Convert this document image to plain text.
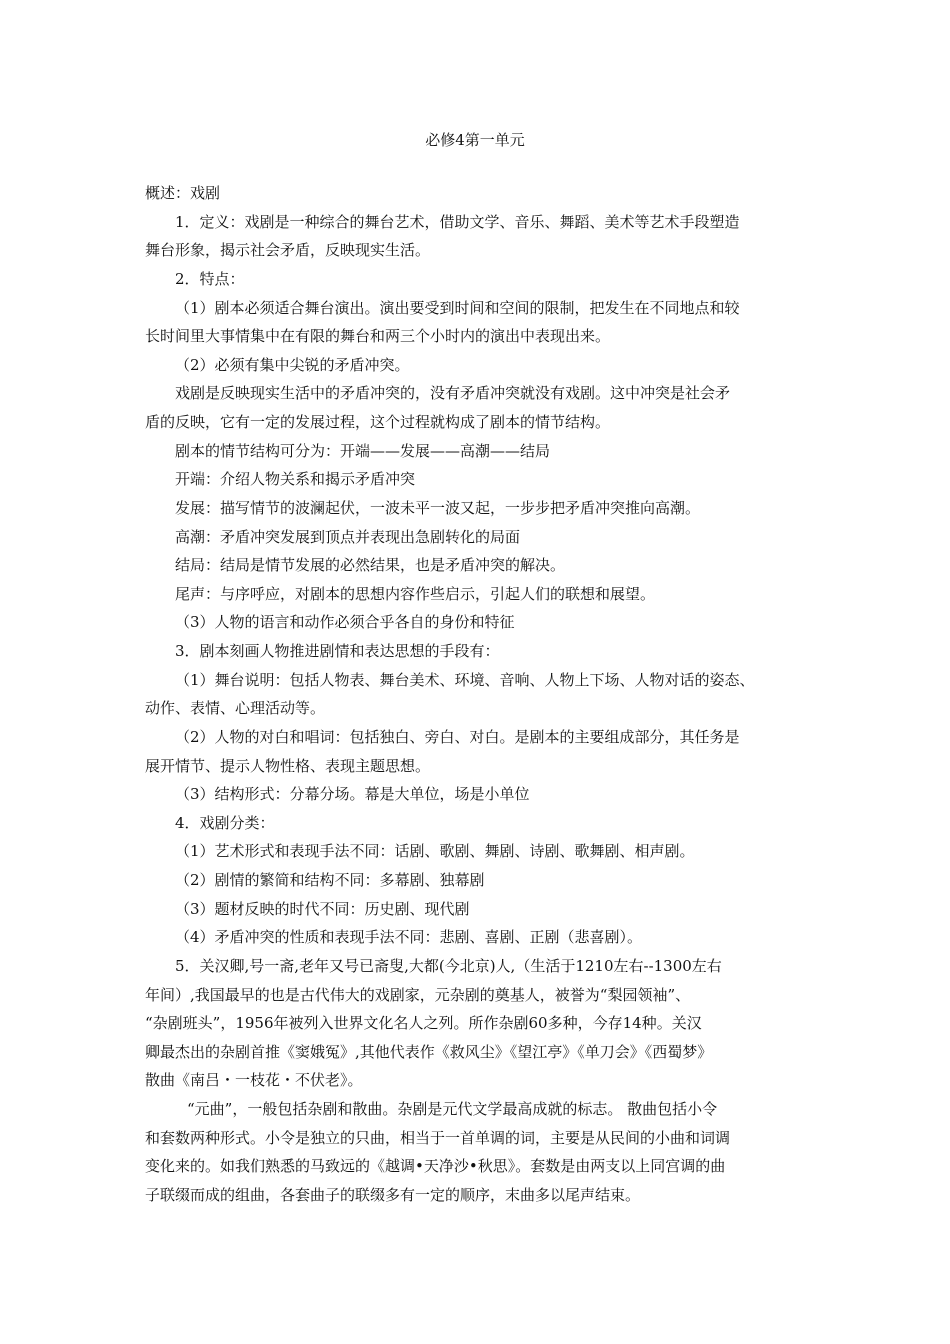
必修4第一单元
概述：戏剧
1．定义：戏剧是一种综合的舞台艺术，借助文学、音乐、舞蹈、美术等艺术手段塑造
舞台形象，揭示社会矛盾，反映现实生活。
2．特点：
（1）剧本必须适合舞台演出。演出要受到时间和空间的限制，把发生在不同地点和较
长时间里大事情集中在有限的舞台和两三个小时内的演出中表现出来。
（2）必须有集中尖锐的矛盾冲突。
戏剧是反映现实生活中的矛盾冲突的，没有矛盾冲突就没有戏剧。这中冲突是社会矛
盾的反映，它有一定的发展过程，这个过程就构成了剧本的情节结构。
剧本的情节结构可分为：开端——发展——高潮——结局
开端：介绍人物关系和揭示矛盾冲突
发展：描写情节的波澜起伏，一波未平一波又起，一步步把矛盾冲突推向高潮。
高潮：矛盾冲突发展到顶点并表现出急剧转化的局面
结局：结局是情节发展的必然结果，也是矛盾冲突的解决。
尾声：与序呼应，对剧本的思想内容作些启示，引起人们的联想和展望。
（3）人物的语言和动作必须合乎各自的身份和特征
3．剧本刻画人物推进剧情和表达思想的手段有：
（1）舞台说明：包括人物表、舞台美术、环境、音响、人物上下场、人物对话的姿态、
动作、表情、心理活动等。
（2）人物的对白和唱词：包括独白、旁白、对白。是剧本的主要组成部分，其任务是
展开情节、提示人物性格、表现主题思想。
（3）结构形式：分幕分场。幕是大单位，场是小单位
4．戏剧分类：
（1）艺术形式和表现手法不同：话剧、歌剧、舞剧、诗剧、歌舞剧、相声剧。
（2）剧情的繁简和结构不同：多幕剧、独幕剧
（3）题材反映的时代不同：历史剧、现代剧
（4）矛盾冲突的性质和表现手法不同：悲剧、喜剧、正剧（悲喜剧）。
5．关汉卿,号一斋,老年又号已斋叟,大都(今北京)人,（生活于1210左右--1300左右
年间）,我国最早的也是古代伟大的戏剧家，元杂剧的奠基人，被誉为“梨园领袖”、
“杂剧班头”，1956年被列入世界文化名人之列。所作杂剧60多种，今存14种。关汉
卿最杰出的杂剧首推《窦娥冤》,其他代表作《救风尘》《望江亭》《单刀会》《西蜀梦》
散曲《南吕・一枝花・不伏老》。
“元曲”，一般包括杂剧和散曲。杂剧是元代文学最高成就的标志。 散曲包括小令
和套数两种形式。小令是独立的只曲，相当于一首单调的词，主要是从民间的小曲和词调
变化来的。如我们熟悉的马致远的《越调•天净沙•秋思》。套数是由两支以上同宫调的曲
子联缀而成的组曲，各套曲子的联缀多有一定的顺序，末曲多以尾声结束。
